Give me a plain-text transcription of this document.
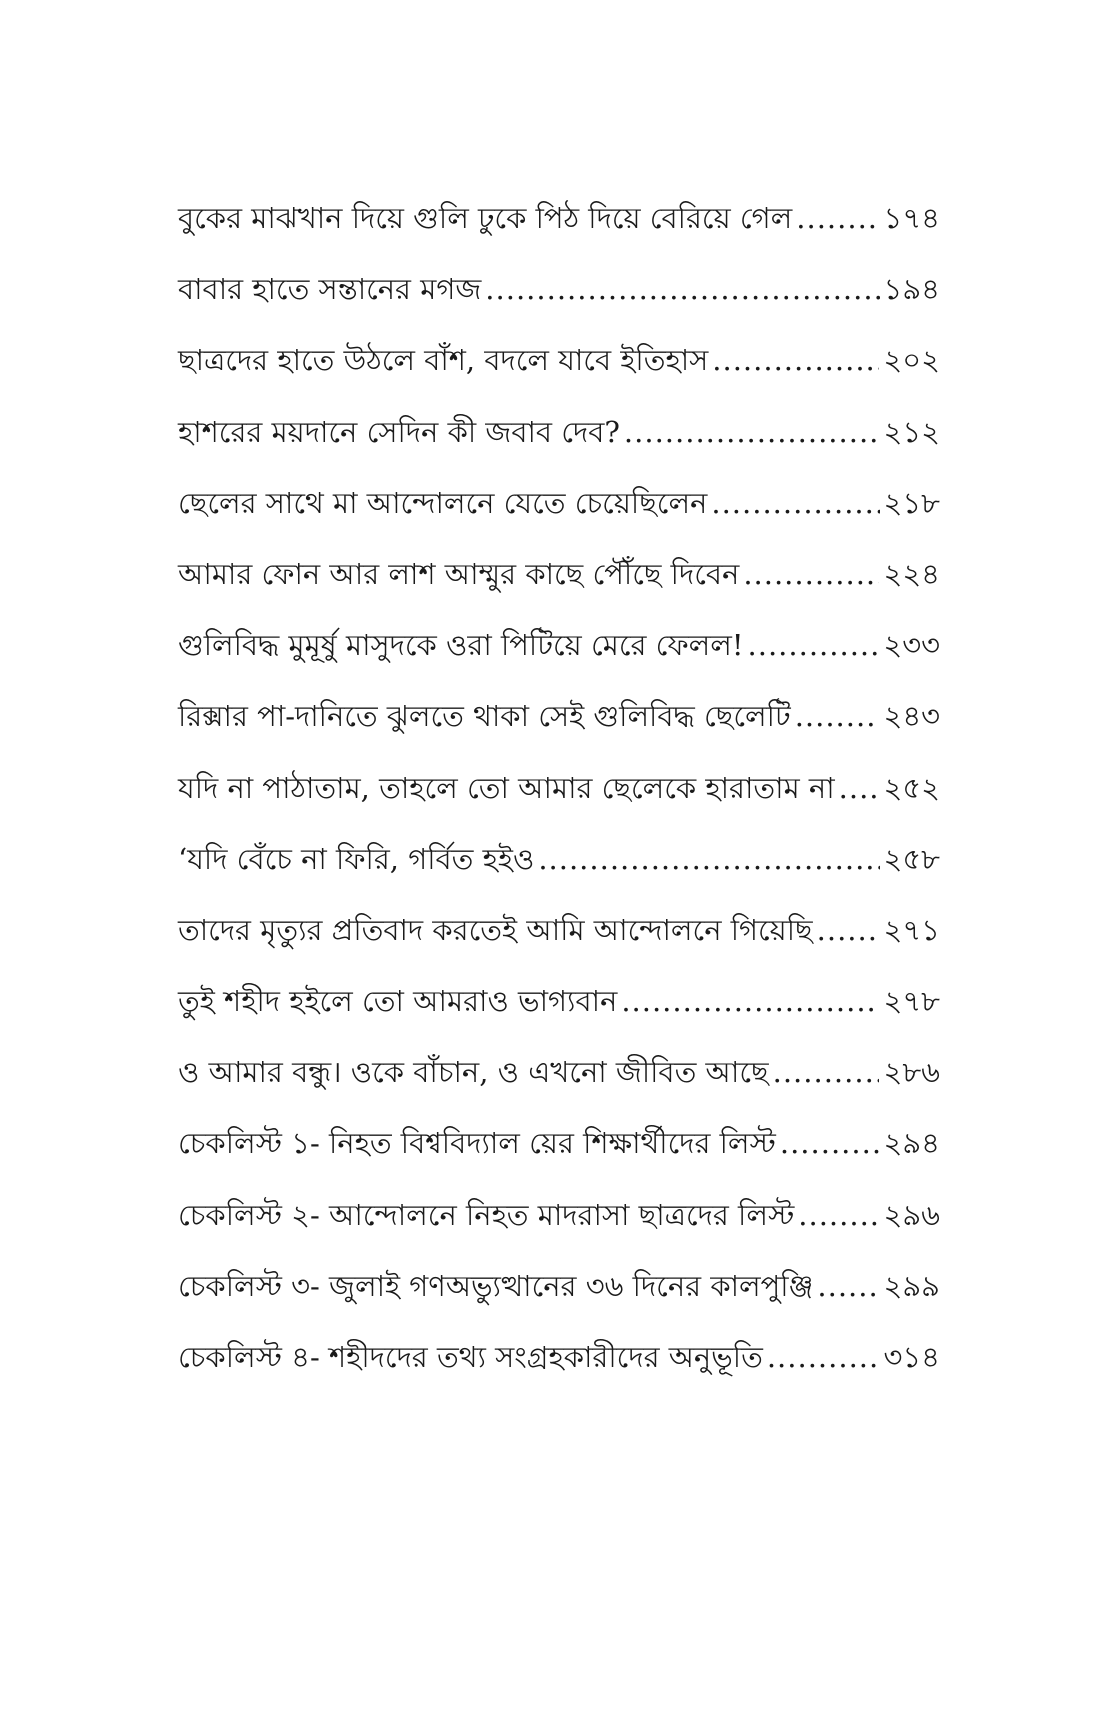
বুকের মাঝখান দিয়ে গুলি ঢুকে পিঠ দিয়ে বেরিয়ে গেল .....	১৭৪
বাবার হাতে সন্তানের মগজ .....	১৯৪
ছাত্রদের হাতে উঠলে বাঁশ, বদলে যাবে ইতিহাস .....	২০২
হাশরের ময়দানে সেদিন কী জবাব দেব? .....	২১২
ছেলের সাথে মা আন্দোলনে যেতে চেয়েছিলেন .....	২১৮
আমার ফোন আর লাশ আম্মুর কাছে পৌঁছে দিবেন .....	২২৪
গুলিবিদ্ধ মুমূর্ষু মাসুদকে ওরা পিটিয়ে মেরে ফেলল! .....	২৩৩
রিক্সার পা-দানিতে ঝুলতে থাকা সেই গুলিবিদ্ধ ছেলেটি .....	২৪৩
যদি না পাঠাতাম, তাহলে তো আমার ছেলেকে হারাতাম না ..... ২৫২
‘যদি বেঁচে না ফিরি, গর্বিত হইও .....	২৫৮
তাদের মৃত্যুর প্রতিবাদ করতেই আমি আন্দোলনে গিয়েছি ..... ২৭১
তুই শহীদ হইলে তো আমরাও ভাগ্যবান .....	২৭৮
ও আমার বন্ধু। ওকে বাঁচান, ও এখনো জীবিত আছে .....	২৮৬
চেকলিস্ট ১- নিহত বিশ্ববিদ্যাল য়ের শিক্ষার্থীদের লিস্ট .....	২৯৪
চেকলিস্ট ২- আন্দোলনে নিহত মাদরাসা ছাত্রদের লিস্ট .....	২৯৬
চেকলিস্ট ৩- জুলাই গণঅভ্যুত্থানের ৩৬ দিনের কালপুঞ্জি ..... ২৯৯
চেকলিস্ট ৪- শহীদদের তথ্য সংগ্রহকারীদের অনুভূতি .....	৩১৪
